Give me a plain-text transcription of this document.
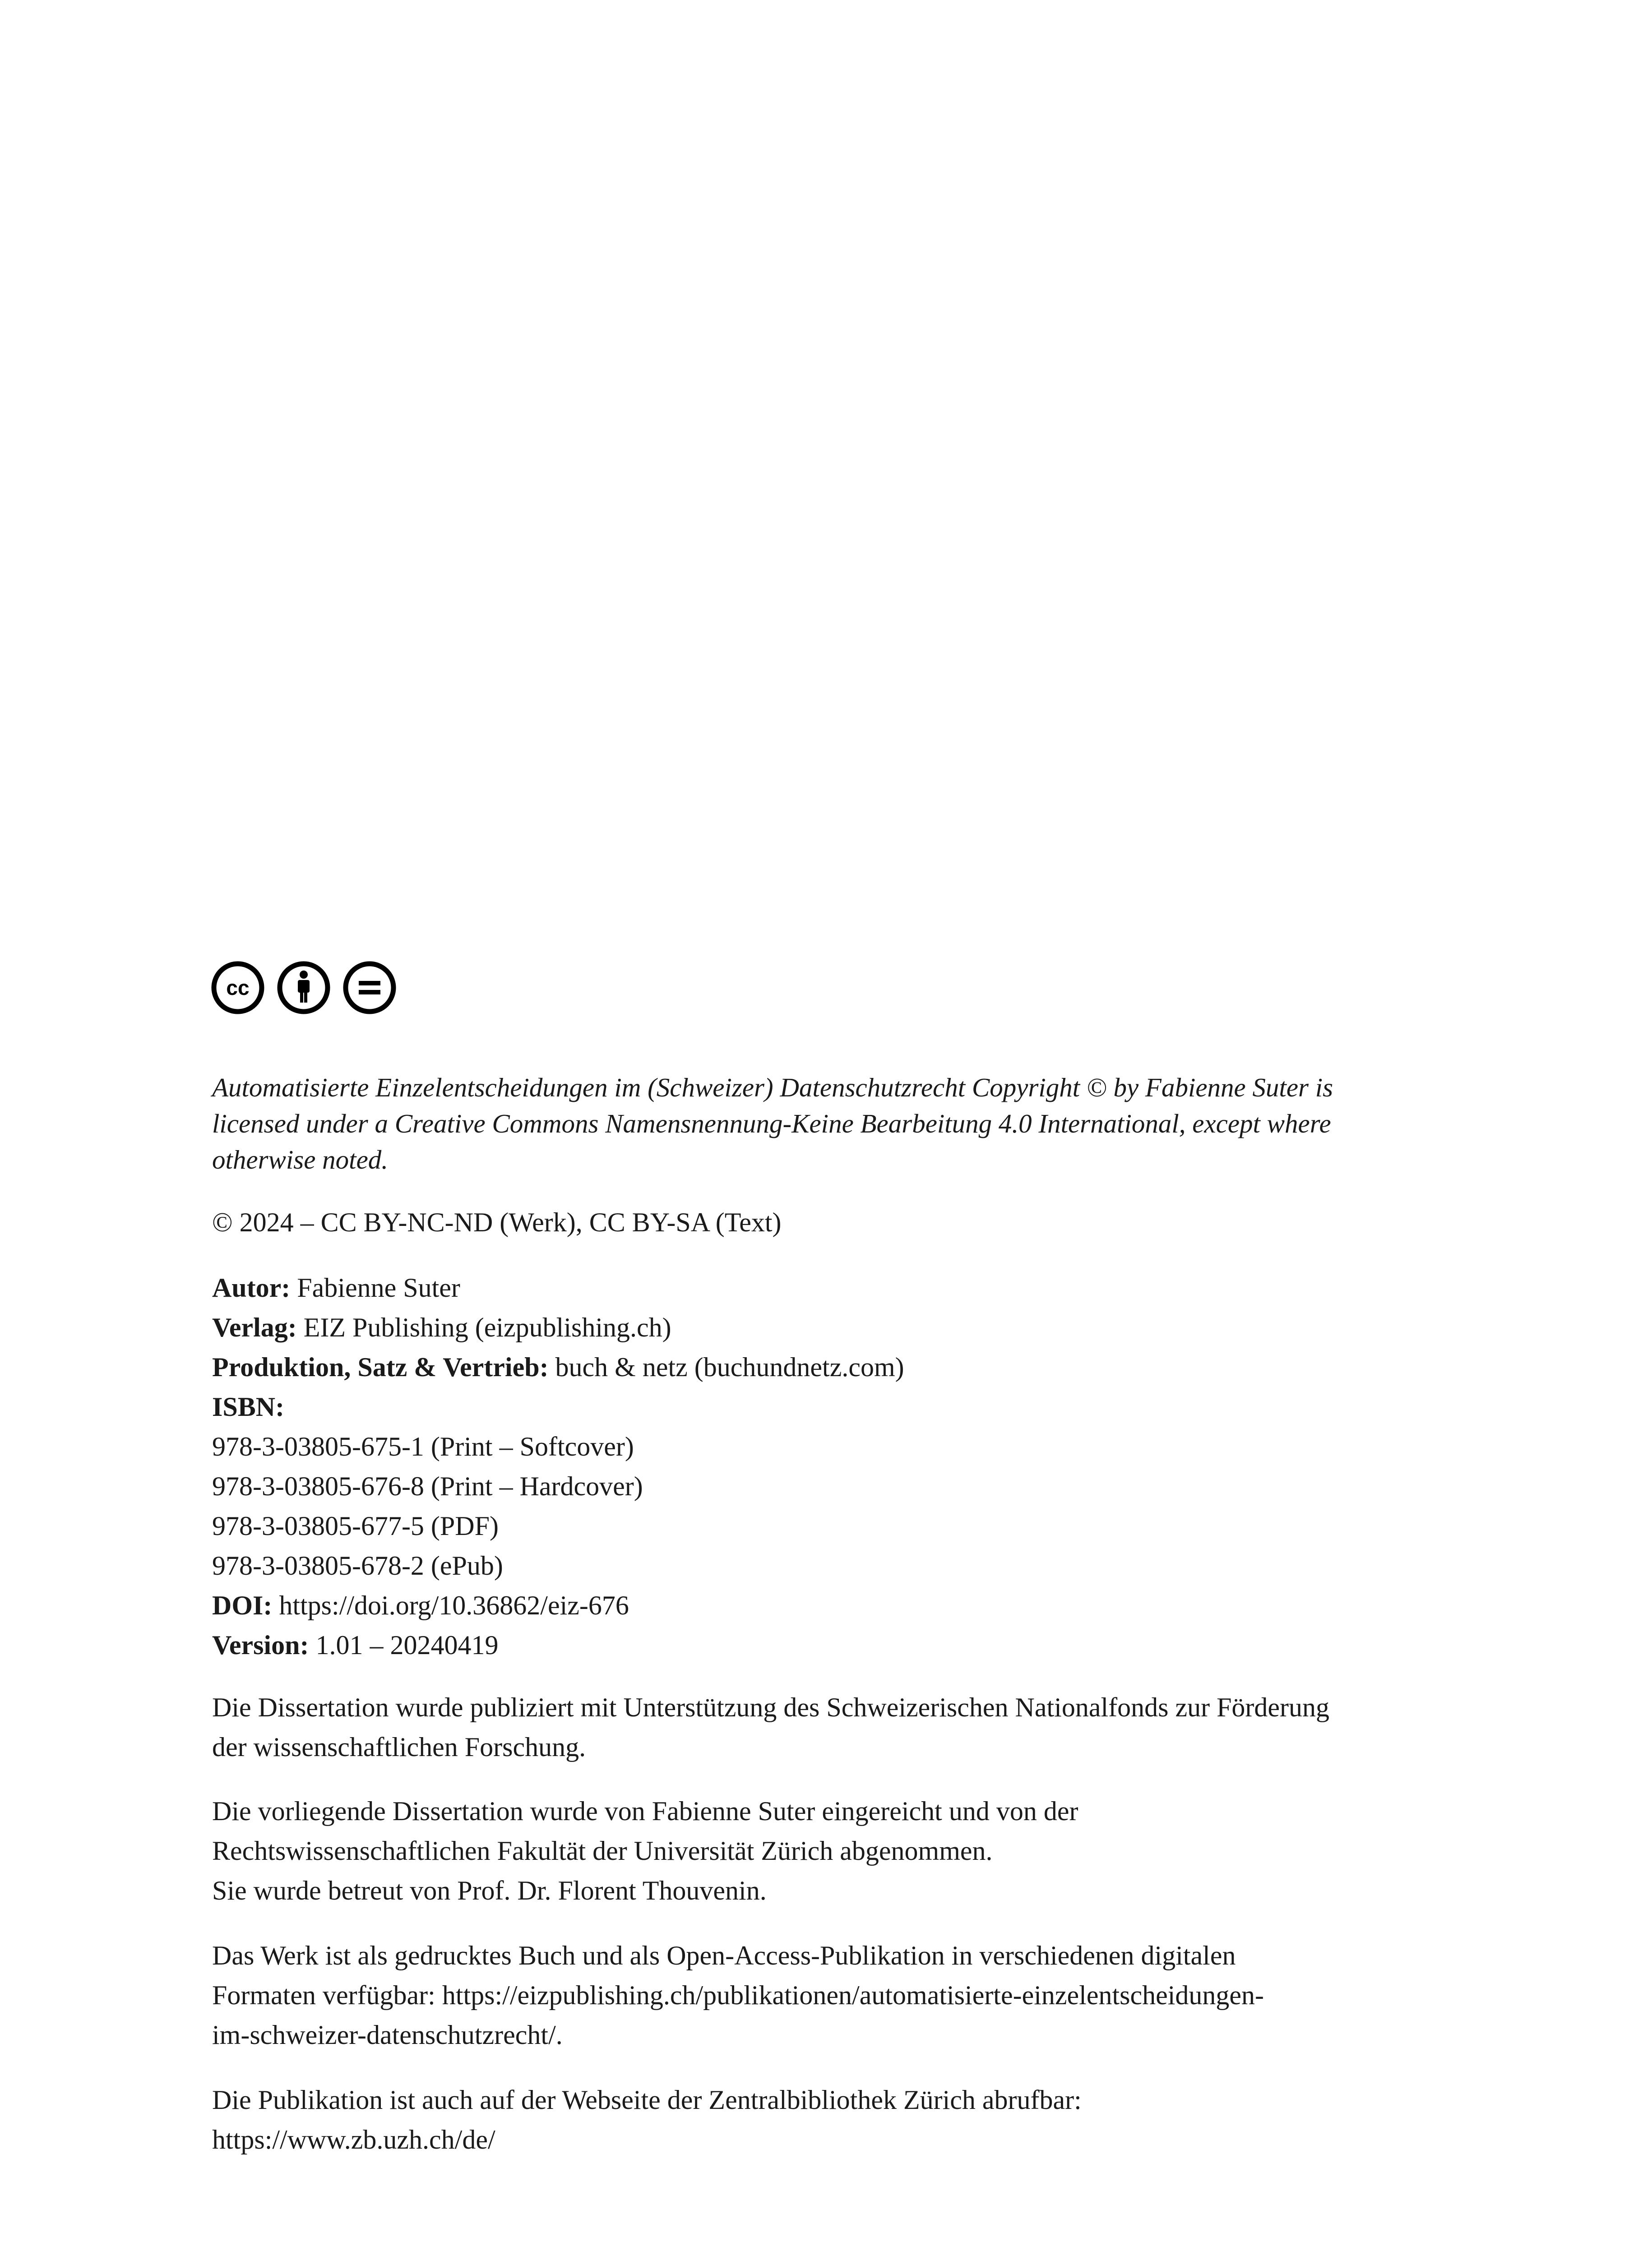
cc
Automatisierte Einzelentscheidungen im (Schweizer) Datenschutzrecht Copyright © by Fabienne Suter is
licensed under a Creative Commons Namensnennung-Keine Bearbeitung 4.0 International, except where
otherwise noted.
© 2024 – CC BY-NC-ND (Werk), CC BY-SA (Text)
Autor: Fabienne Suter
Verlag: EIZ Publishing (eizpublishing.ch)
Produktion, Satz & Vertrieb: buch & netz (buchundnetz.com)
ISBN:
978-3-03805-675-1 (Print – Softcover)
978-3-03805-676-8 (Print – Hardcover)
978-3-03805-677-5 (PDF)
978-3-03805-678-2 (ePub)
DOI: https://doi.org/10.36862/eiz-676
Version: 1.01 – 20240419
Die Dissertation wurde publiziert mit Unterstützung des Schweizerischen Nationalfonds zur Förderung
der wissenschaftlichen Forschung.
Die vorliegende Dissertation wurde von Fabienne Suter eingereicht und von der
Rechtswissenschaftlichen Fakultät der Universität Zürich abgenommen.
Sie wurde betreut von Prof. Dr. Florent Thouvenin.
Das Werk ist als gedrucktes Buch und als Open-Access-Publikation in verschiedenen digitalen
Formaten verfügbar: https://eizpublishing.ch/publikationen/automatisierte-einzelentscheidungen-
im-schweizer-datenschutzrecht/.
Die Publikation ist auch auf der Webseite der Zentralbibliothek Zürich abrufbar:
https://www.zb.uzh.ch/de/
